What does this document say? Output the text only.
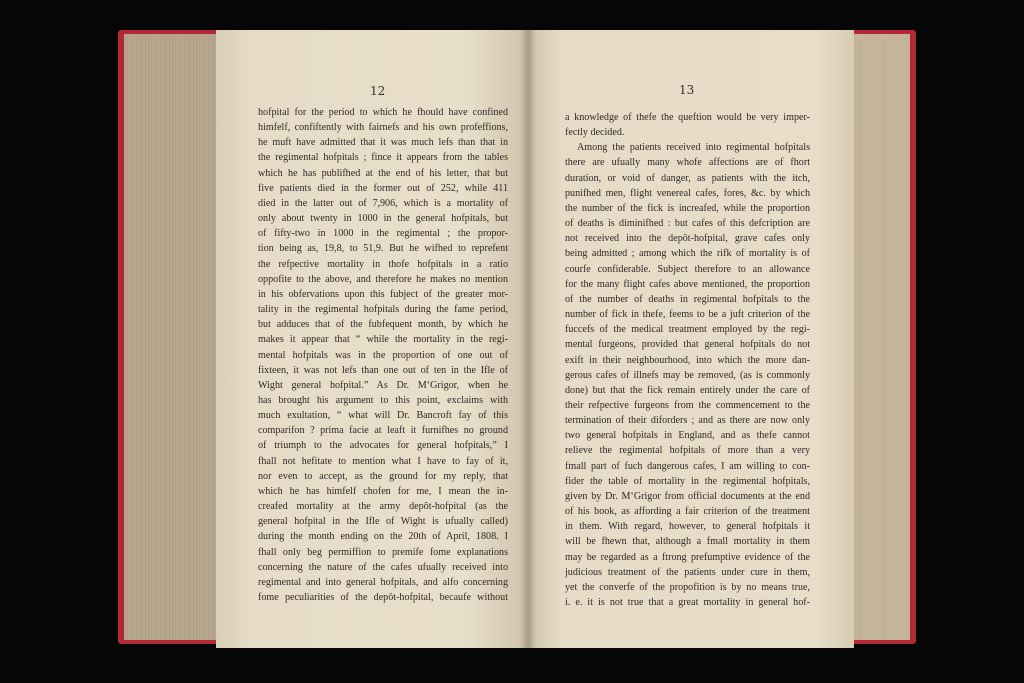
12	13
hofpital for the period to which he fhould have confined
himfelf, confiftently with fairnefs and his own profeffions,
he muft have admitted that it was much lefs than that in
the regimental hofpitals ; fince it appears from the tables
which he has publifhed at the end of his letter, that but
five patients died in the former out of 252, while 411
died in the latter out of 7,906, which is a mortality of
only about twenty in 1000 in the general hofpitals, but
of fifty-two in 1000 in the regimental ; the propor-
tion being as, 19,8, to 51,9. But he wifhed to reprefent
the refpective mortality in thofe hofpitals in a ratio
oppofite to the above, and therefore he makes no mention
in his obfervations upon this fubject of the greater mor-
tality in the regimental hofpitals during the fame period,
but adduces that of the fubfequent month, by which he
makes it appear that “ while the mortality in the regi-
mental hofpitals was in the proportion of one out of
fixteen, it was not lefs than one out of ten in the Ifle of
Wight general hofpital.” As Dr. M‘Grigor, when he
has brought his argument to this point, exclaims with
much exultation, “ what will Dr. Bancroft fay of this
comparifon ? prima facie at leaft it furnifhes no ground
of triumph to the advocates for general hofpitals,” I
fhall not hefitate to mention what I have to fay of it,
nor even to accept, as the ground for my reply, that
which he has himfelf chofen for me, I mean the in-
creafed mortality at the army depôt-hofpital (as the
general hofpital in the Ifle of Wight is ufually called)
during the month ending on the 20th of April, 1808. I
fhall only beg permiffion to premife fome explanations
concerning the nature of the cafes ufually received into
regimental and into general hofpitals, and alfo concerning
fome peculiarities of the depôt-hofpital, becaufe without
a knowledge of thefe the queftion would be very imper-
fectly decided.
Among the patients received into regimental hofpitals
there are ufually many whofe affections are of fhort
duration, or void of danger, as patients with the itch,
punifhed men, flight venereal cafes, fores, &c. by which
the number of the fick is increafed, while the proportion
of deaths is diminifhed : but cafes of this defcription are
not received into the depôt-hofpital, grave cafes only
being admitted ; among which the rifk of mortality is of
courfe confiderable. Subject therefore to an allowance
for the many flight cafes above mentioned, the proportion
of the number of deaths in regimental hofpitals to the
number of fick in thefe, feems to be a juft criterion of the
fuccefs of the medical treatment employed by the regi-
mental furgeons, provided that general hofpitals do not
exift in their neighbourhood, into which the more dan-
gerous cafes of illnefs may be removed, (as is commonly
done) but that the fick remain entirely under the care of
their refpective furgeons from the commencement to the
termination of their diforders ; and as there are now only
two general hofpitals in England, and as thefe cannot
relieve the regimental hofpitals of more than a very
fmall part of fuch dangerous cafes, I am willing to con-
fider the table of mortality in the regimental hofpitals,
given by Dr. M‘Grigor from official documents at the end
of his book, as affording a fair criterion of the treatment
in them. With regard, however, to general hofpitals it
will be fhewn that, although a fmall mortality in them
may be regarded as a ftrong prefumptive evidence of the
judicious treatment of the patients under cure in them,
yet the converfe of the propofition is by no means true,
i. e. it is not true that a great mortality in general hof-
